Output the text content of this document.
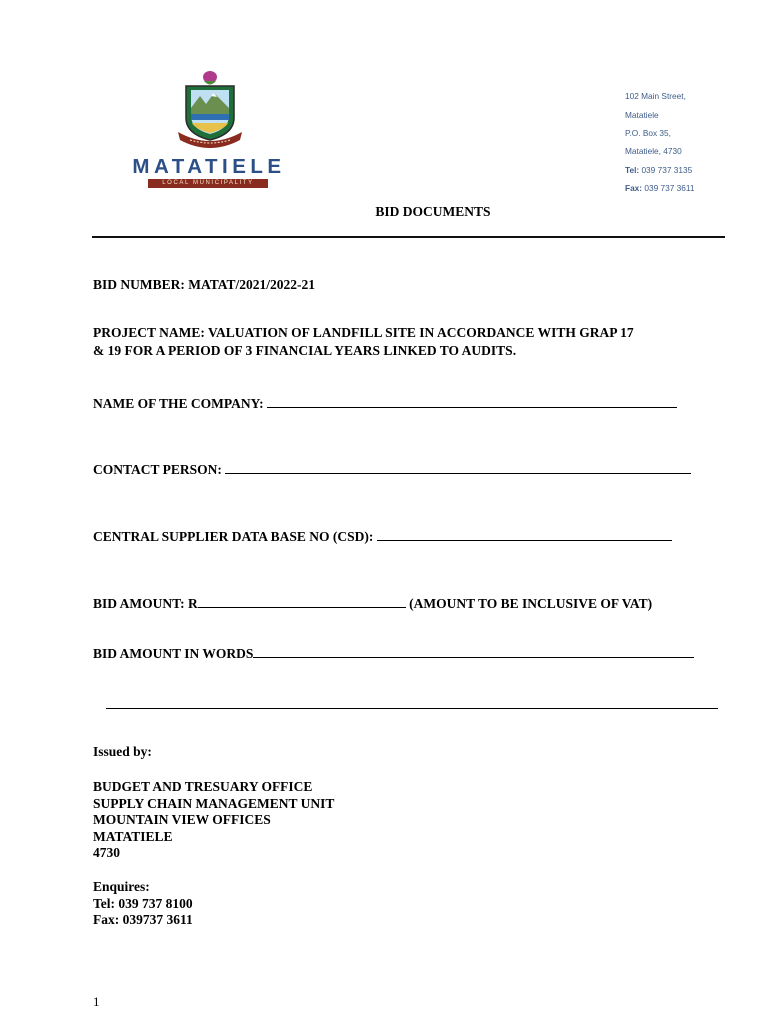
MATATIELE
LOCAL MUNICIPALITY
102 Main Street,
Matatiele
P.O. Box 35,
Matatiele, 4730
Tel: 039 737 3135
Fax: 039 737 3611
BID DOCUMENTS
BID NUMBER: MATAT/2021/2022-21
PROJECT NAME: VALUATION OF LANDFILL SITE IN ACCORDANCE WITH GRAP 17
& 19 FOR A PERIOD OF 3 FINANCIAL YEARS LINKED TO AUDITS.
NAME OF THE COMPANY:
CONTACT PERSON:
CENTRAL SUPPLIER DATA BASE NO (CSD):
BID AMOUNT: R	(AMOUNT TO BE INCLUSIVE OF VAT)
BID AMOUNT IN WORDS
Issued by:
BUDGET AND TRESUARY OFFICE
SUPPLY CHAIN MANAGEMENT UNIT
MOUNTAIN VIEW OFFICES
MATATIELE
4730
Enquires:
Tel: 039 737 8100
Fax: 039737 3611
1
